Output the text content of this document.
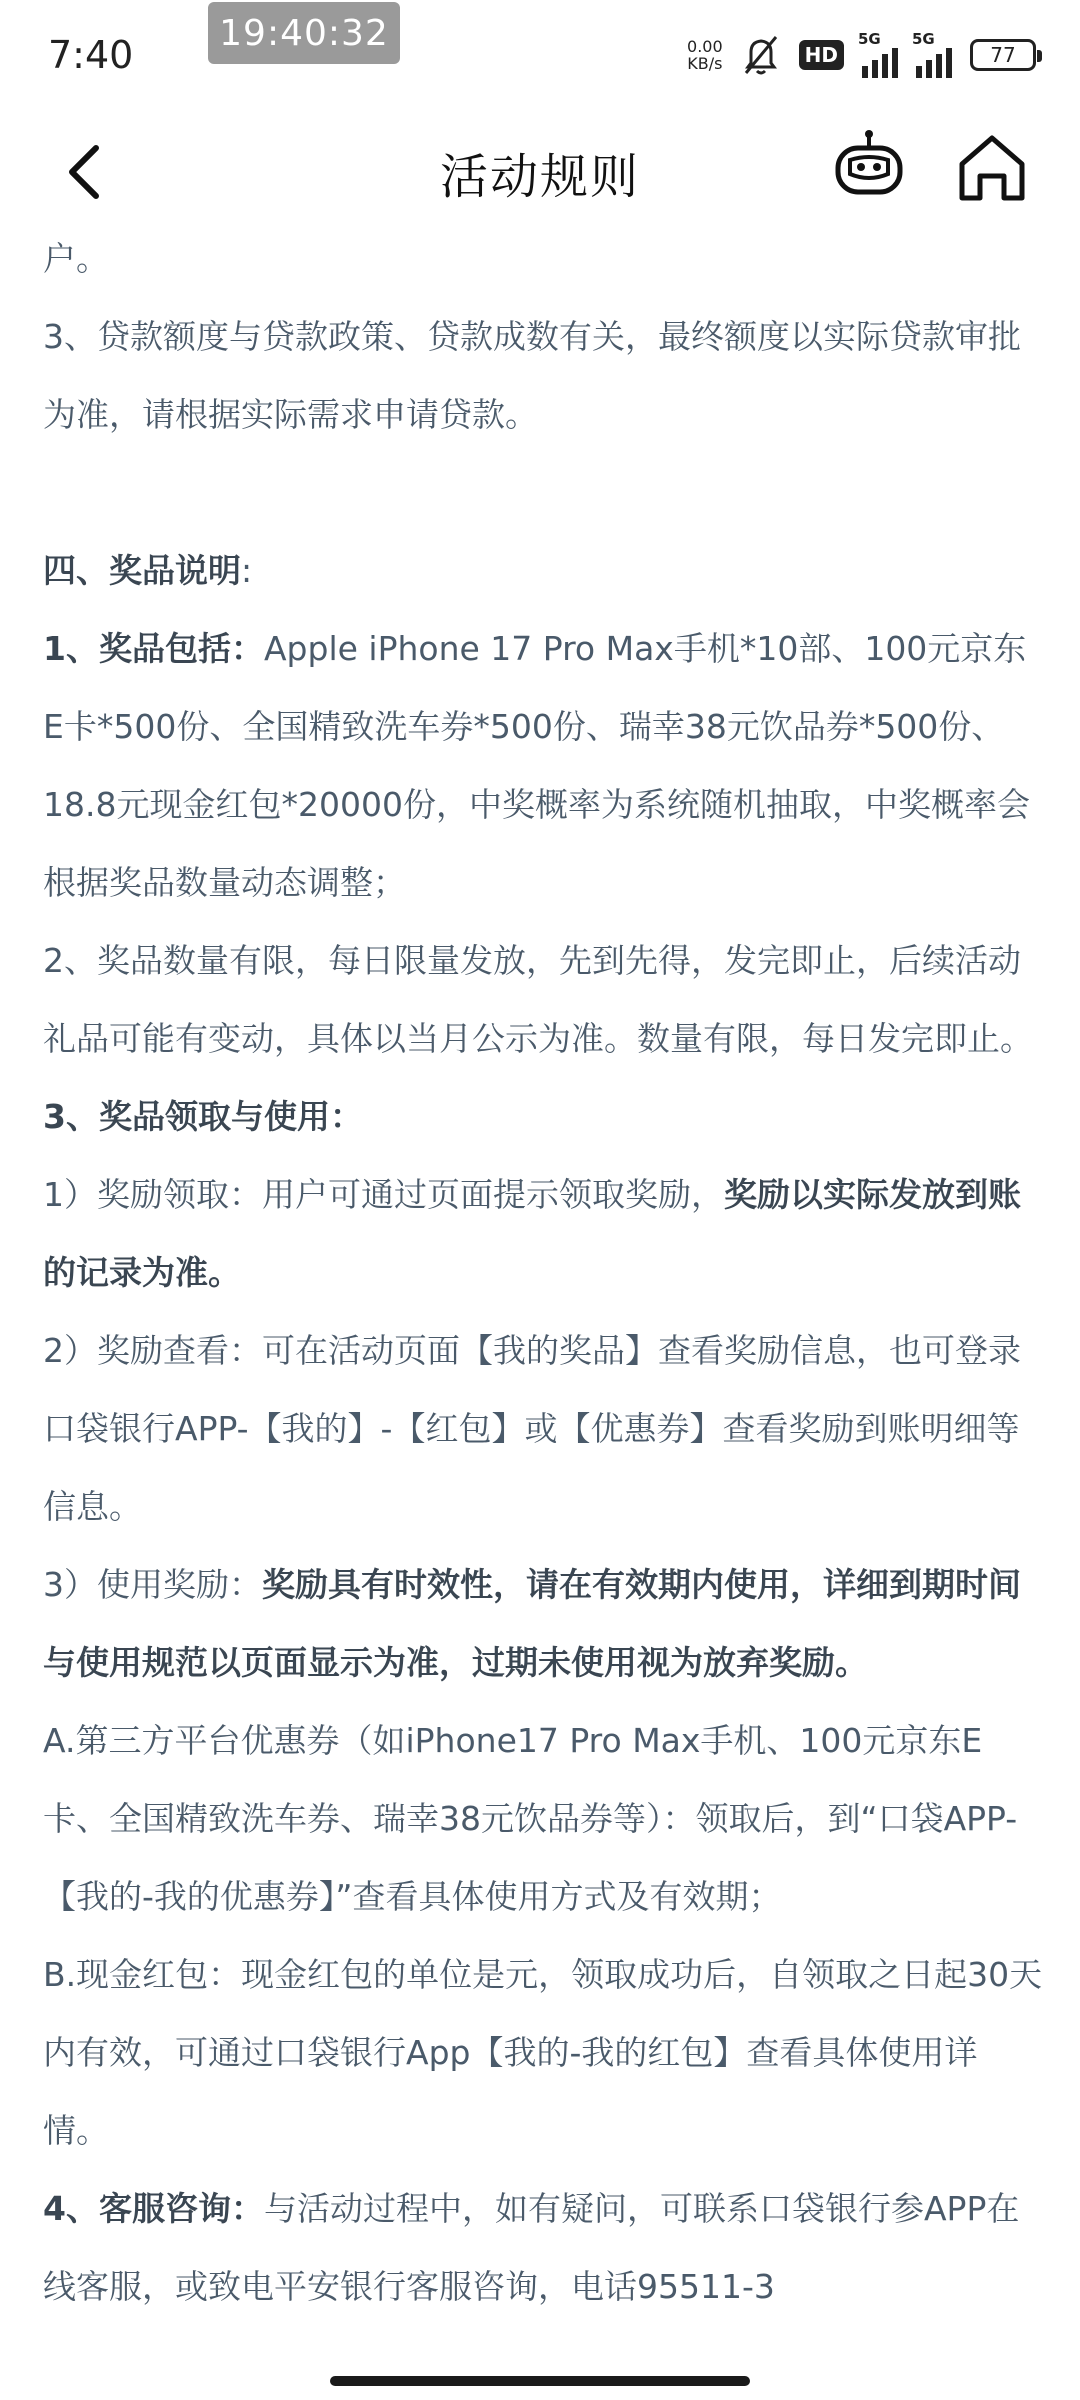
7:40	19:40:32	0.00
KB/s	HD
5G 5G
77
活动规则

户。

3、贷款额度与贷款政策、贷款成数有关，最终额度以实际贷款审批为准，请根据实际需求申请贷款。

四、奖品说明:

1、奖品包括：Apple iPhone 17 Pro Max手机*10部、100元京东E卡*500份、全国精致洗车券*500份、瑞幸38元饮品券*500份、18.8元现金红包*20000份，中奖概率为系统随机抽取，中奖概率会根据奖品数量动态调整；

2、奖品数量有限，每日限量发放，先到先得，发完即止，后续活动礼品可能有变动，具体以当月公示为准。数量有限，每日发完即止。

3、奖品领取与使用：

1）奖励领取：用户可通过页面提示领取奖励，奖励以实际发放到账的记录为准。

2）奖励查看：可在活动页面【我的奖品】查看奖励信息，也可登录口袋银行APP-【我的】-【红包】或【优惠券】查看奖励到账明细等信息。

3）使用奖励：奖励具有时效性，请在有效期内使用，详细到期时间与使用规范以页面显示为准，过期未使用视为放弃奖励。

A.第三方平台优惠券（如iPhone17 Pro Max手机、100元京东E卡、全国精致洗车券、瑞幸38元饮品券等）：领取后，到“口袋APP-【我的-我的优惠券】”查看具体使用方式及有效期；

B.现金红包：现金红包的单位是元，领取成功后，自领取之日起30天内有效，可通过口袋银行App【我的-我的红包】查看具体使用详情。

4、客服咨询：与活动过程中，如有疑问，可联系口袋银行参APP在线客服，或致电平安银行客服咨询，电话95511-3
